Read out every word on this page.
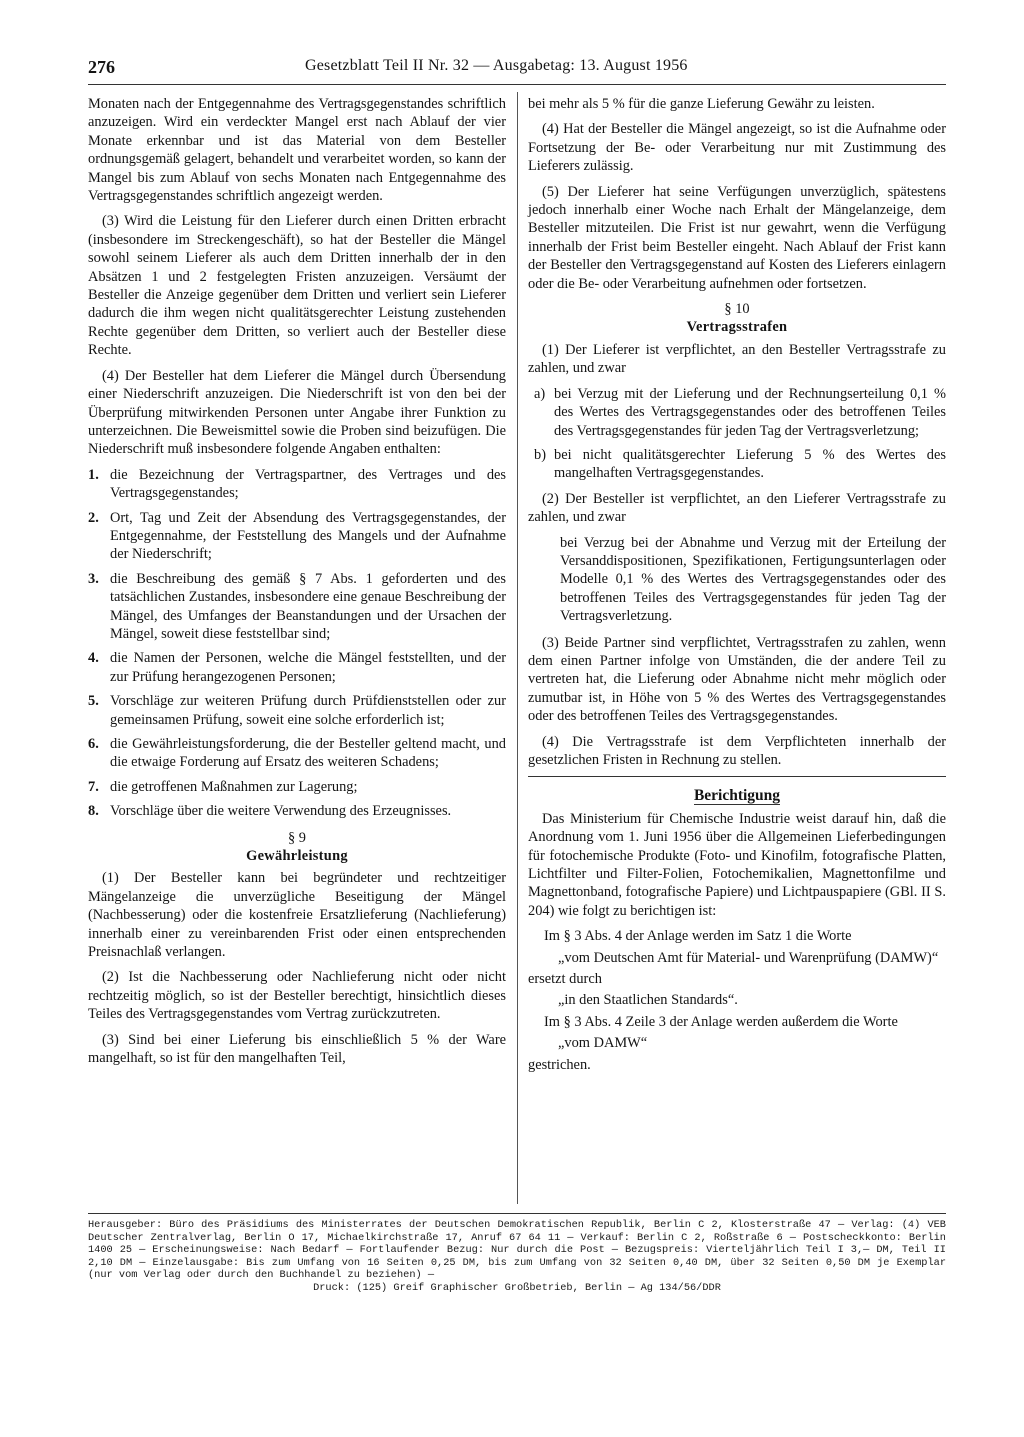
276	Gesetzblatt Teil II Nr. 32 — Ausgabetag: 13. August 1956

Monaten nach der Entgegennahme des Vertragsgegenstandes schriftlich anzuzeigen. Wird ein verdeckter Mangel erst nach Ablauf der vier Monate erkennbar und ist das Material von dem Besteller ordnungsgemäß gelagert, behandelt und verarbeitet worden, so kann der Mangel bis zum Ablauf von sechs Monaten nach Entgegennahme des Vertragsgegenstandes schriftlich angezeigt werden.

(3) Wird die Leistung für den Lieferer durch einen Dritten erbracht (insbesondere im Streckengeschäft), so hat der Besteller die Mängel sowohl seinem Lieferer als auch dem Dritten innerhalb der in den Absätzen 1 und 2 festgelegten Fristen anzuzeigen. Versäumt der Besteller die Anzeige gegenüber dem Dritten und verliert sein Lieferer dadurch die ihm wegen nicht qualitätsgerechter Leistung zustehenden Rechte gegenüber dem Dritten, so verliert auch der Besteller diese Rechte.

(4) Der Besteller hat dem Lieferer die Mängel durch Übersendung einer Niederschrift anzuzeigen. Die Niederschrift ist von den bei der Überprüfung mitwirkenden Personen unter Angabe ihrer Funktion zu unterzeichnen. Die Beweismittel sowie die Proben sind beizufügen. Die Niederschrift muß insbesondere folgende Angaben enthalten:

1. die Bezeichnung der Vertragspartner, des Vertrages und des Vertragsgegenstandes;
2. Ort, Tag und Zeit der Absendung des Vertragsgegenstandes, der Entgegennahme, der Feststellung des Mangels und der Aufnahme der Niederschrift;
3. die Beschreibung des gemäß § 7 Abs. 1 geforderten und des tatsächlichen Zustandes, insbesondere eine genaue Beschreibung der Mängel, des Umfanges der Beanstandungen und der Ursachen der Mängel, soweit diese feststellbar sind;
4. die Namen der Personen, welche die Mängel feststellten, und der zur Prüfung herangezogenen Personen;
5. Vorschläge zur weiteren Prüfung durch Prüfdienststellen oder zur gemeinsamen Prüfung, soweit eine solche erforderlich ist;
6. die Gewährleistungsforderung, die der Besteller geltend macht, und die etwaige Forderung auf Ersatz des weiteren Schadens;
7. die getroffenen Maßnahmen zur Lagerung;
8. Vorschläge über die weitere Verwendung des Erzeugnisses.
§ 9
Gewährleistung

(1) Der Besteller kann bei begründeter und rechtzeitiger Mängelanzeige die unverzügliche Beseitigung der Mängel (Nachbesserung) oder die kostenfreie Ersatzlieferung (Nachlieferung) innerhalb einer zu vereinbarenden Frist oder einen entsprechenden Preisnachlaß verlangen.

(2) Ist die Nachbesserung oder Nachlieferung nicht oder nicht rechtzeitig möglich, so ist der Besteller berechtigt, hinsichtlich dieses Teiles des Vertragsgegenstandes vom Vertrag zurückzutreten.

(3) Sind bei einer Lieferung bis einschließlich 5 % der Ware mangelhaft, so ist für den mangelhaften Teil,

bei mehr als 5 % für die ganze Lieferung Gewähr zu leisten.

(4) Hat der Besteller die Mängel angezeigt, so ist die Aufnahme oder Fortsetzung der Be- oder Verarbeitung nur mit Zustimmung des Lieferers zulässig.

(5) Der Lieferer hat seine Verfügungen unverzüglich, spätestens jedoch innerhalb einer Woche nach Erhalt der Mängelanzeige, dem Besteller mitzuteilen. Die Frist ist nur gewahrt, wenn die Verfügung innerhalb der Frist beim Besteller eingeht. Nach Ablauf der Frist kann der Besteller den Vertragsgegenstand auf Kosten des Lieferers einlagern oder die Be- oder Verarbeitung aufnehmen oder fortsetzen.

§ 10
Vertragsstrafen

(1) Der Lieferer ist verpflichtet, an den Besteller Vertragsstrafe zu zahlen, und zwar

a) bei Verzug mit der Lieferung und der Rechnungserteilung 0,1 % des Wertes des Vertragsgegenstandes oder des betroffenen Teiles des Vertragsgegenstandes für jeden Tag der Vertragsverletzung;
b) bei nicht qualitätsgerechter Lieferung 5 % des Wertes des mangelhaften Vertragsgegenstandes.

(2) Der Besteller ist verpflichtet, an den Lieferer Vertragsstrafe zu zahlen, und zwar

bei Verzug bei der Abnahme und Verzug mit der Erteilung der Versanddispositionen, Spezifikationen, Fertigungsunterlagen oder Modelle 0,1 % des Wertes des Vertragsgegenstandes oder des betroffenen Teiles des Vertragsgegenstandes für jeden Tag der Vertragsverletzung.

(3) Beide Partner sind verpflichtet, Vertragsstrafen zu zahlen, wenn dem einen Partner infolge von Umständen, die der andere Teil zu vertreten hat, die Lieferung oder Abnahme nicht mehr möglich oder zumutbar ist, in Höhe von 5 % des Wertes des Vertragsgegenstandes oder des betroffenen Teiles des Vertragsgegenstandes.

(4) Die Vertragsstrafe ist dem Verpflichteten innerhalb der gesetzlichen Fristen in Rechnung zu stellen.

Berichtigung

Das Ministerium für Chemische Industrie weist darauf hin, daß die Anordnung vom 1. Juni 1956 über die Allgemeinen Lieferbedingungen für fotochemische Produkte (Foto- und Kinofilm, fotografische Platten, Lichtfilter und Filter-Folien, Fotochemikalien, Magnettonfilme und Magnettonband, fotografische Papiere) und Lichtpauspapiere (GBl. II S. 204) wie folgt zu berichtigen ist:

Im § 3 Abs. 4 der Anlage werden im Satz 1 die Worte

„vom Deutschen Amt für Material- und Warenprüfung (DAMW)“

ersetzt durch

„in den Staatlichen Standards“.

Im § 3 Abs. 4 Zeile 3 der Anlage werden außerdem die Worte

„vom DAMW“

gestrichen.

Herausgeber: Büro des Präsidiums des Ministerrates der Deutschen Demokratischen Republik, Berlin C 2, Klosterstraße 47 — Verlag: (4) VEB Deutscher Zentralverlag, Berlin O 17, Michaelkirchstraße 17, Anruf 67 64 11 — Verkauf: Berlin C 2, Roßstraße 6 — Postscheckkonto: Berlin 1400 25 — Erscheinungsweise: Nach Bedarf — Fortlaufender Bezug: Nur durch die Post — Bezugspreis: Vierteljährlich Teil I 3,— DM, Teil II 2,10 DM — Einzelausgabe: Bis zum Umfang von 16 Seiten 0,25 DM, bis zum Umfang von 32 Seiten 0,40 DM, über 32 Seiten 0,50 DM je Exemplar (nur vom Verlag oder durch den Buchhandel zu beziehen) —
Druck: (125) Greif Graphischer Großbetrieb, Berlin — Ag 134/56/DDR
